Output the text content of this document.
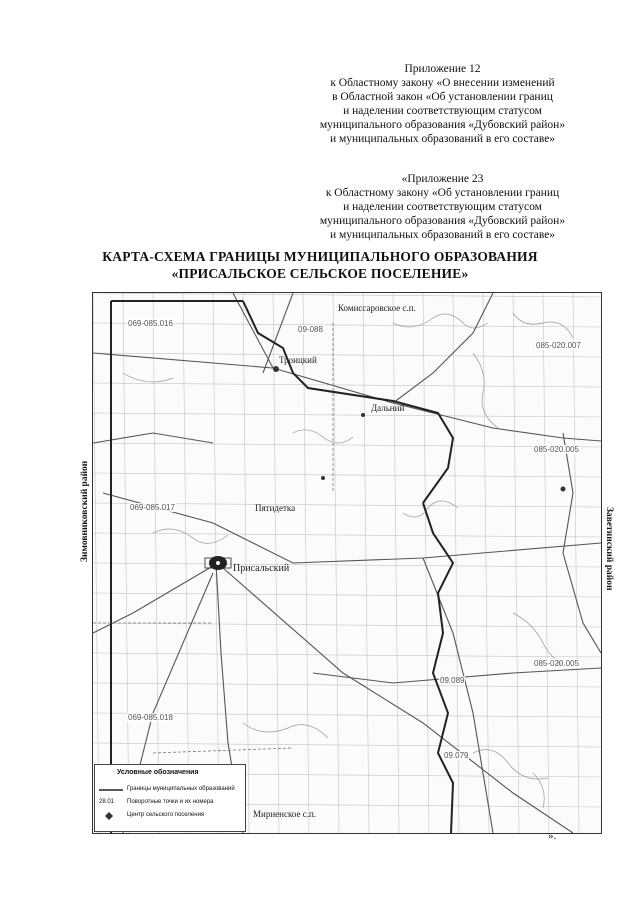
Приложение 12
к Областному закону «О внесении изменений
в Областной закон «Об установлении границ
и наделении соответствующим статусом
муниципального образования «Дубовский район»
и муниципальных образований в его составе»
«Приложение 23
к Областному закону «Об установлении границ
и наделении соответствующим статусом
муниципального образования «Дубовский район»
и муниципальных образований в его составе»
КАРТА-СХЕМА ГРАНИЦЫ МУНИЦИПАЛЬНОГО ОБРАЗОВАНИЯ
«ПРИСАЛЬСКОЕ СЕЛЬСКОЕ ПОСЕЛЕНИЕ»
Зимовниковский район	Заветинский район
Комиссаровское с.п.
Троицкий
Дальний
Пятидетка
Присальский
Мирненское с.п.
069-085.016
09-088
085-020.007
085-020.005
069-085.017
085-020.005
09.089
069-085.018
09.079
Условные обозначения
Границы муниципальных образований
28.01	Поворотные точки и их номера
Центр сельского поселения
».
